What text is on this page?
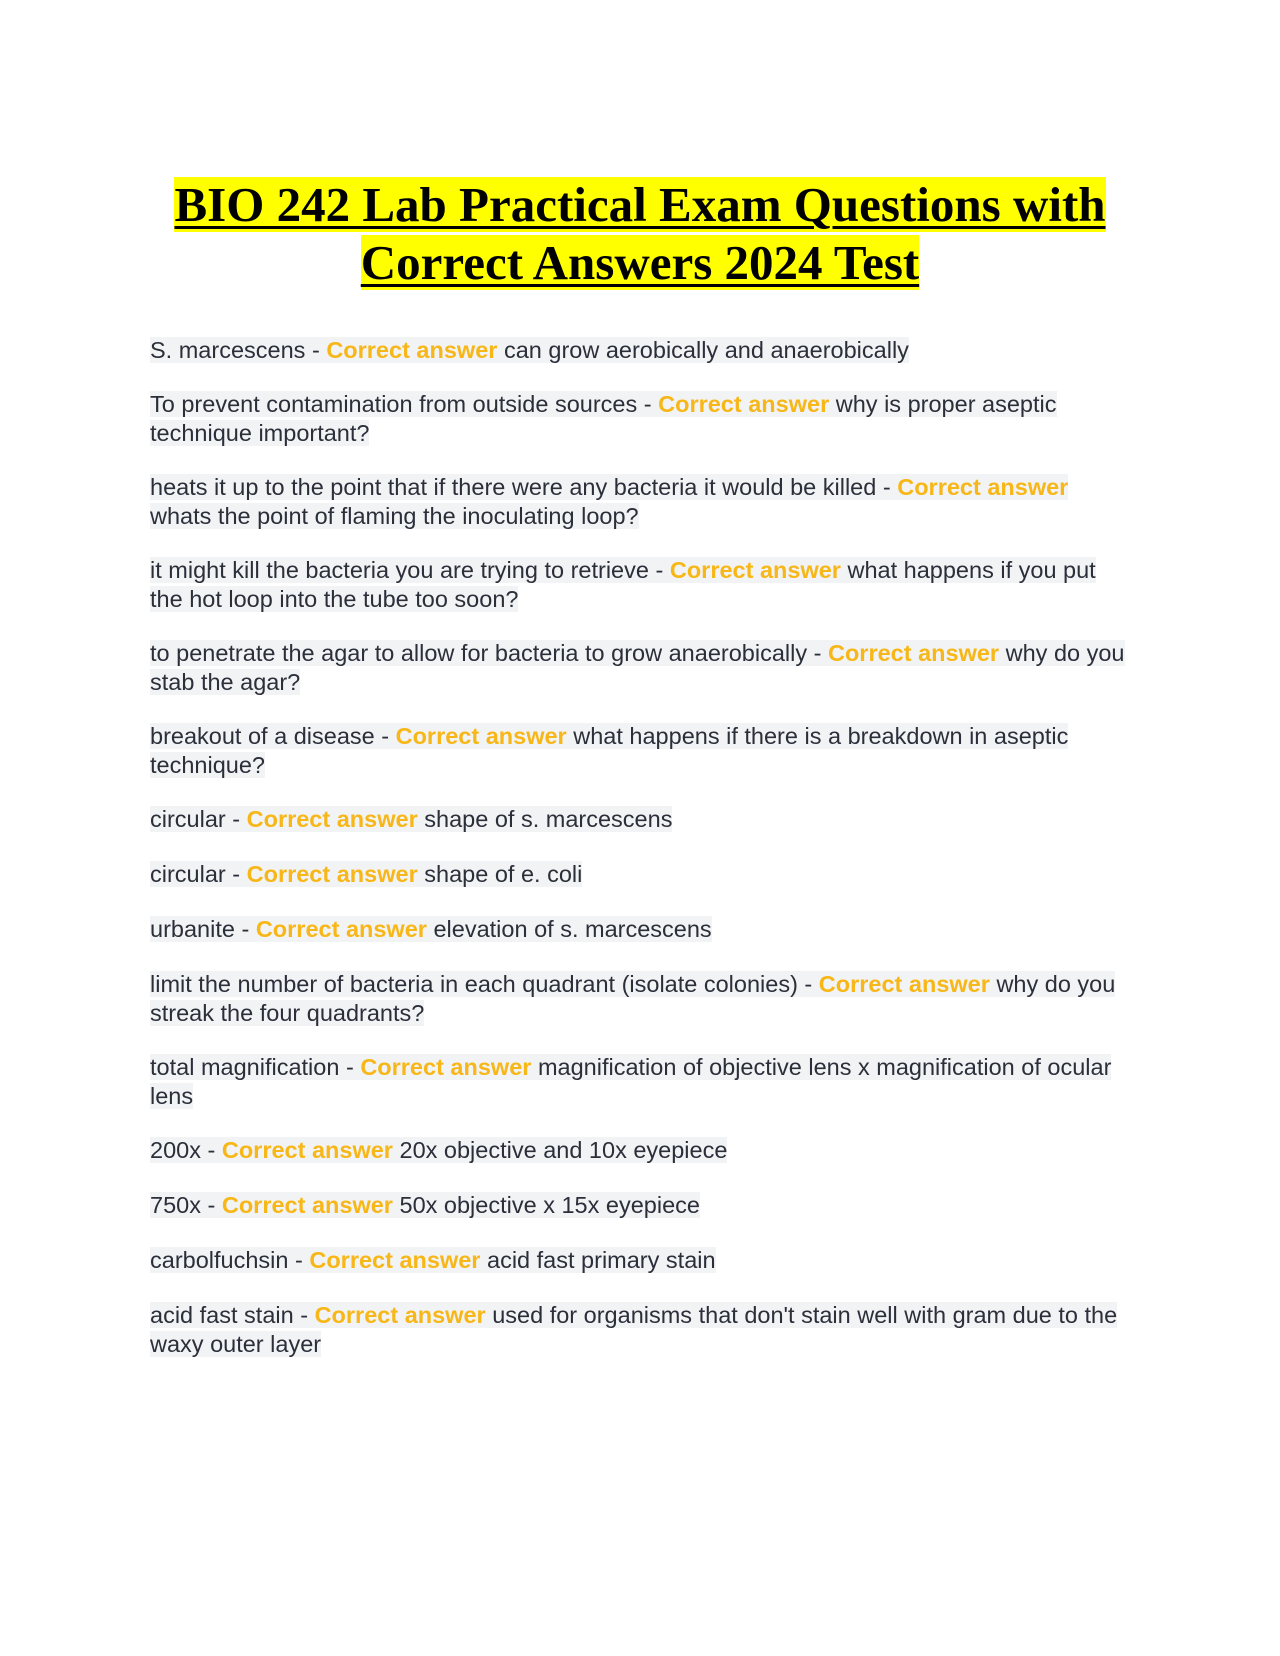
BIO 242 Lab Practical Exam Questions with
Correct Answers 2024 Test
S. marcescens - Correct answer can grow aerobically and anaerobically
To prevent contamination from outside sources - Correct answer why is proper aseptic technique important?
heats it up to the point that if there were any bacteria it would be killed - Correct answer whats the point of flaming the inoculating loop?
it might kill the bacteria you are trying to retrieve - Correct answer what happens if you put the hot loop into the tube too soon?
to penetrate the agar to allow for bacteria to grow anaerobically - Correct answer why do you stab the agar?
breakout of a disease - Correct answer what happens if there is a breakdown in aseptic technique?
circular - Correct answer shape of s. marcescens
circular - Correct answer shape of e. coli
urbanite - Correct answer elevation of s. marcescens
limit the number of bacteria in each quadrant (isolate colonies) - Correct answer why do you streak the four quadrants?
total magnification - Correct answer magnification of objective lens x magnification of ocular lens
200x - Correct answer 20x objective and 10x eyepiece
750x - Correct answer 50x objective x 15x eyepiece
carbolfuchsin - Correct answer acid fast primary stain
acid fast stain - Correct answer used for organisms that don't stain well with gram due to the waxy outer layer
